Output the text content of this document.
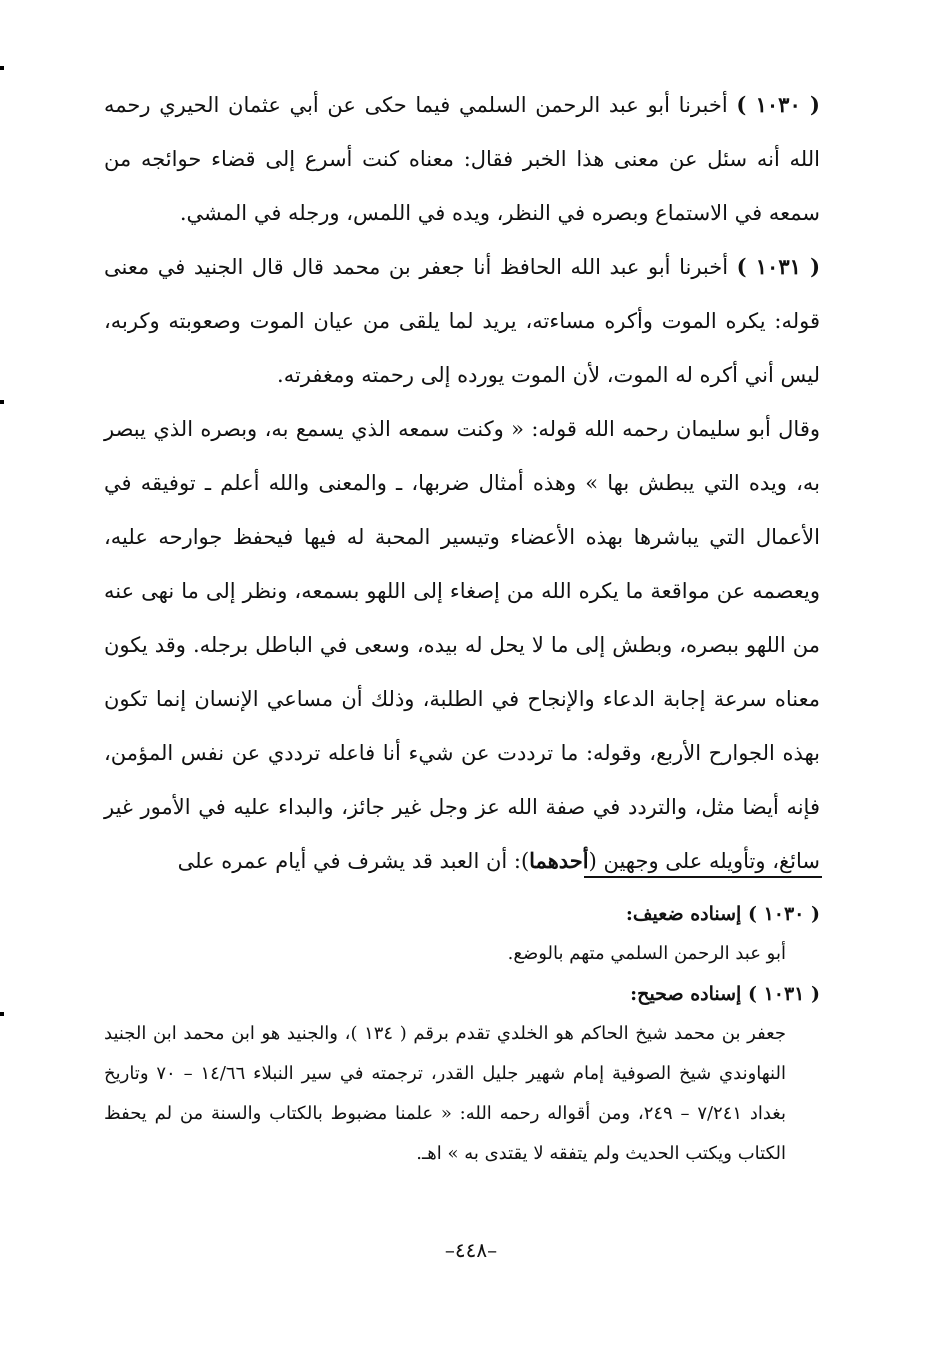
( ١٠٣٠ ) أخبرنا أبو عبد الرحمن السلمي فيما حكى عن أبي عثمان الحيري رحمه الله أنه سئل عن معنى هذا الخبر فقال: معناه كنت أسرع إلى قضاء حوائجه من سمعه في الاستماع وبصره في النظر، ويده في اللمس، ورجله في المشي.

( ١٠٣١ ) أخبرنا أبو عبد الله الحافظ أنا جعفر بن محمد قال قال الجنيد في معنى قوله: يكره الموت وأكره مساءته، يريد لما يلقى من عيان الموت وصعوبته وكربه، ليس أني أكره له الموت، لأن الموت يورده إلى رحمته ومغفرته.

وقال أبو سليمان رحمه الله قوله: « وكنت سمعه الذي يسمع به، وبصره الذي يبصر به، ويده التي يبطش بها » وهذه أمثال ضربها، ـ والمعنى والله أعلم ـ توفيقه في الأعمال التي يباشرها بهذه الأعضاء وتيسير المحبة له فيها فيحفظ جوارحه عليه، ويعصمه عن مواقعة ما يكره الله من إصغاء إلى اللهو بسمعه، ونظر إلى ما نهى عنه من اللهو ببصره، وبطش إلى ما لا يحل له بيده، وسعى في الباطل برجله. وقد يكون معناه سرعة إجابة الدعاء والإنجاح في الطلبة، وذلك أن مساعي الإنسان إنما تكون بهذه الجوارح الأربع، وقوله: ما ترددت عن شيء أنا فاعله ترددي عن نفس المؤمن، فإنه أيضا مثل، والتردد في صفة الله عز وجل غير جائز، والبداء عليه في الأمور غير سائغ، وتأويله على وجهين (أحدهما): أن العبد قد يشرف في أيام عمره على

( ١٠٣٠ ) إسناده ضعيف:

أبو عبد الرحمن السلمي متهم بالوضع.

( ١٠٣١ ) إسناده صحيح:

جعفر بن محمد شيخ الحاكم هو الخلدي تقدم برقم ( ١٣٤ )، والجنيد هو ابن محمد ابن الجنيد النهاوندي شيخ الصوفية إمام شهير جليل القدر، ترجمته في سير النبلاء ١٤/٦٦ – ٧٠ وتاريخ بغداد ٧/٢٤١ – ٢٤٩، ومن أقواله رحمه الله: « علمنا مضبوط بالكتاب والسنة من لم يحفظ الكتاب ويكتب الحديث ولم يتفقه لا يقتدى به » اهـ.

–٤٤٨–
